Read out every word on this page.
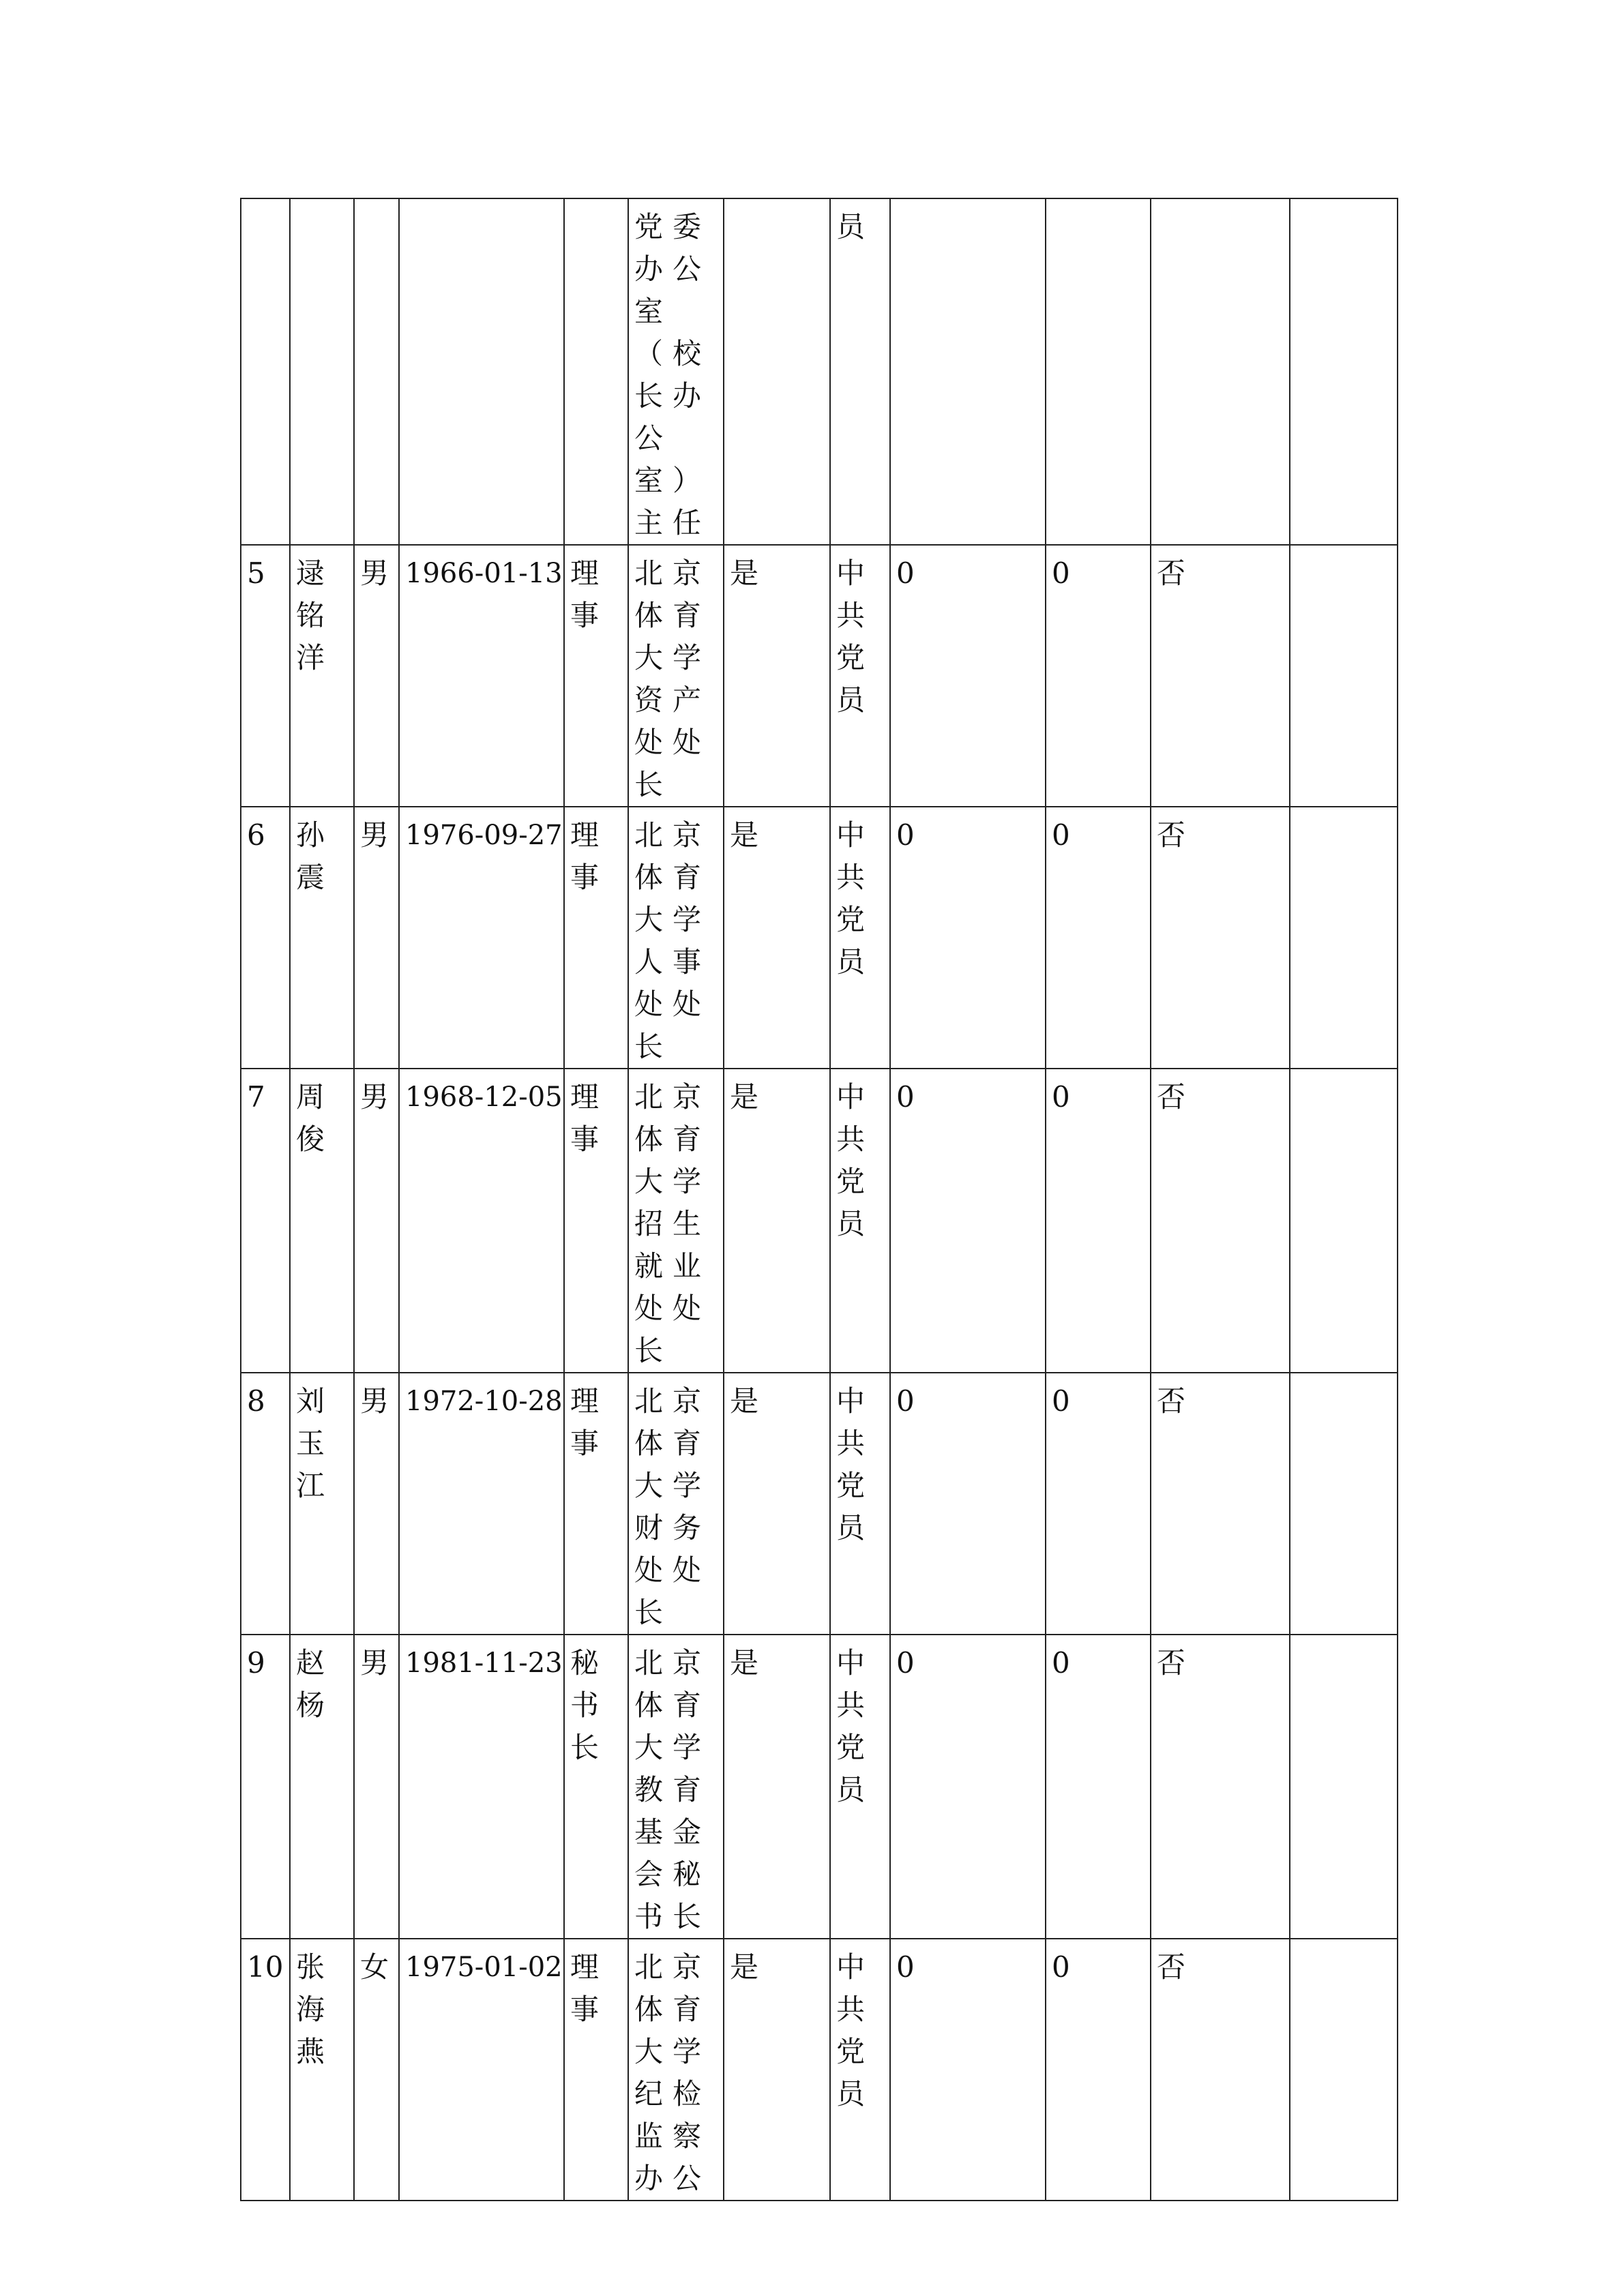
					党委办公室（校长办公室）主任		员				

5	逯铭洋	男	1966-01-13	理事	北京体育大学资产处处长	是	中共党员	0	0	否	

6	孙震	男	1976-09-27	理事	北京体育大学人事处处长	是	中共党员	0	0	否	

7	周俊	男	1968-12-05	理事	北京体育大学招生就业处处长	是	中共党员	0	0	否	

8	刘玉江	男	1972-10-28	理事	北京体育大学财务处处长	是	中共党员	0	0	否	

9	赵杨	男	1981-11-23	秘书长	北京体育大学教育基金会秘书长	是	中共党员	0	0	否	

10	张海燕	女	1975-01-02	理事	北京体育大学纪检监察办公	是	中共党员	0	0	否	
